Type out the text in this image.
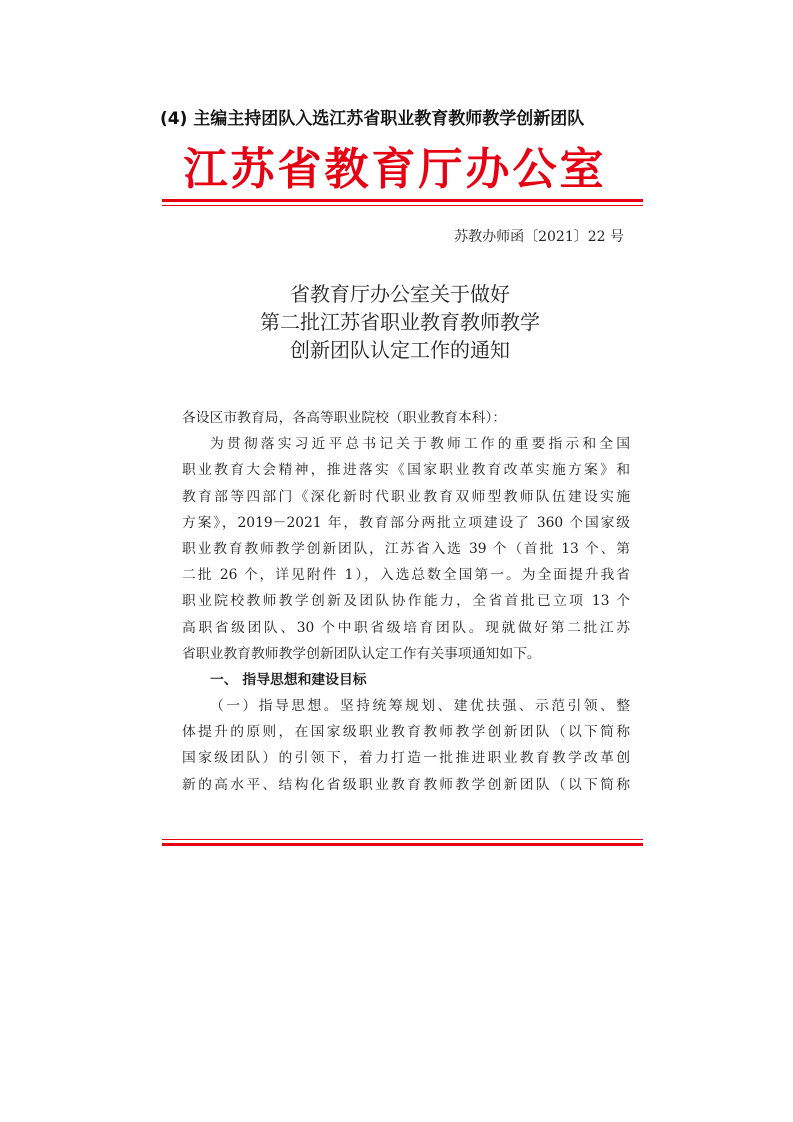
(4) 主编主持团队入选江苏省职业教育教师教学创新团队
江苏省教育厅办公室
苏教办师函〔2021〕22 号
省教育厅办公室关于做好
第二批江苏省职业教育教师教学
创新团队认定工作的通知
各设区市教育局，各高等职业院校（职业教育本科）：
为贯彻落实习近平总书记关于教师工作的重要指示和全国
职业教育大会精神，推进落实《国家职业教育改革实施方案》和
教育部等四部门《深化新时代职业教育双师型教师队伍建设实施
方案》，2019－2021 年，教育部分两批立项建设了 360 个国家级
职业教育教师教学创新团队，江苏省入选 39 个（首批 13 个、第
二批 26 个，详见附件 1），入选总数全国第一。为全面提升我省
职业院校教师教学创新及团队协作能力，全省首批已立项 13 个
高职省级团队、30 个中职省级培育团队。现就做好第二批江苏
省职业教育教师教学创新团队认定工作有关事项通知如下。
一、 指导思想和建设目标
（一）指导思想。坚持统筹规划、建优扶强、示范引领、整
体提升的原则，在国家级职业教育教师教学创新团队（以下简称
国家级团队）的引领下，着力打造一批推进职业教育教学改革创
新的高水平、结构化省级职业教育教师教学创新团队（以下简称
